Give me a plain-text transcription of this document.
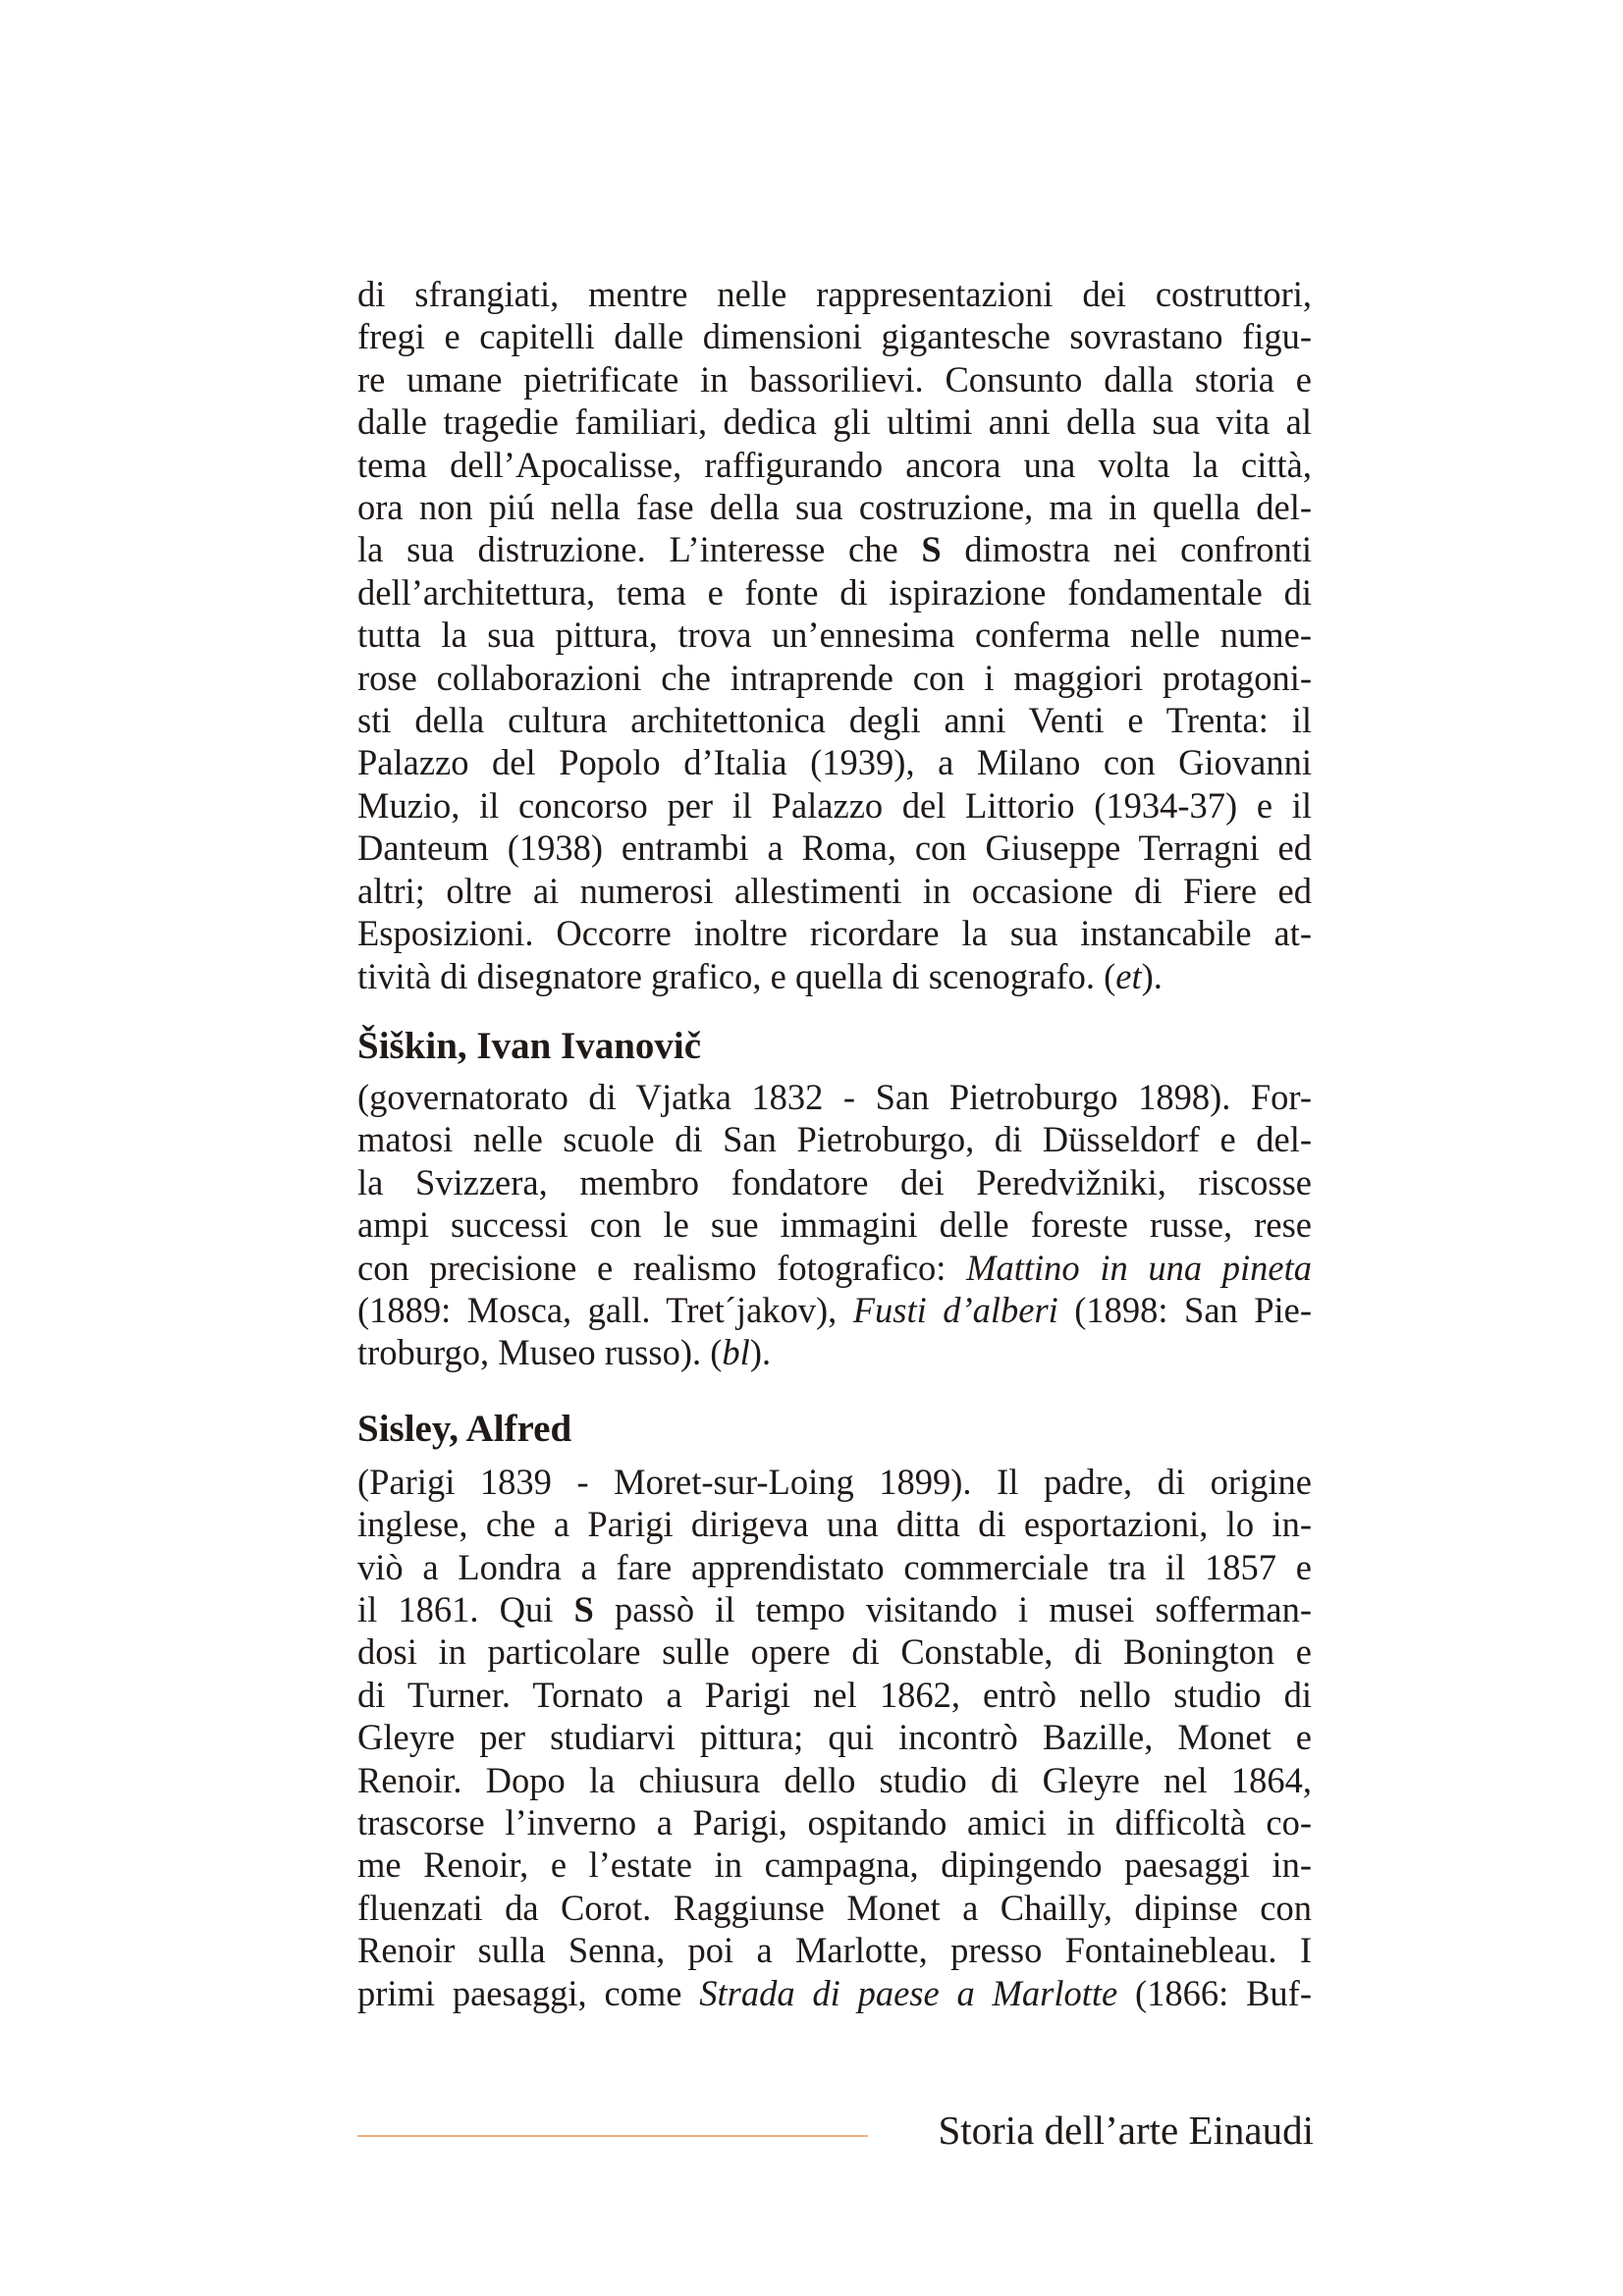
di sfrangiati, mentre nelle rappresentazioni dei costruttori,
fregi e capitelli dalle dimensioni gigantesche sovrastano figu-
re umane pietrificate in bassorilievi. Consunto dalla storia e
dalle tragedie familiari, dedica gli ultimi anni della sua vita al
tema dell’Apocalisse, raffigurando ancora una volta la città,
ora non piú nella fase della sua costruzione, ma in quella del-
la sua distruzione. L’interesse che S dimostra nei confronti
dell’architettura, tema e fonte di ispirazione fondamentale di
tutta la sua pittura, trova un’ennesima conferma nelle nume-
rose collaborazioni che intraprende con i maggiori protagoni-
sti della cultura architettonica degli anni Venti e Trenta: il
Palazzo del Popolo d’Italia (1939), a Milano con Giovanni
Muzio, il concorso per il Palazzo del Littorio (1934-37) e il
Danteum (1938) entrambi a Roma, con Giuseppe Terragni ed
altri; oltre ai numerosi allestimenti in occasione di Fiere ed
Esposizioni. Occorre inoltre ricordare la sua instancabile at-
tività di disegnatore grafico, e quella di scenografo. (et).

Šiškin, Ivan Ivanovič

(governatorato di Vjatka 1832 - San Pietroburgo 1898). For-
matosi nelle scuole di San Pietroburgo, di Düsseldorf e del-
la Svizzera, membro fondatore dei Peredvižniki, riscosse
ampi successi con le sue immagini delle foreste russe, rese
con precisione e realismo fotografico: Mattino in una pineta
(1889: Mosca, gall. Tret´jakov), Fusti d’alberi (1898: San Pie-
troburgo, Museo russo). (bl).

Sisley, Alfred

(Parigi 1839 - Moret-sur-Loing 1899). Il padre, di origine
inglese, che a Parigi dirigeva una ditta di esportazioni, lo in-
viò a Londra a fare apprendistato commerciale tra il 1857 e
il 1861. Qui S passò il tempo visitando i musei sofferman-
dosi in particolare sulle opere di Constable, di Bonington e
di Turner. Tornato a Parigi nel 1862, entrò nello studio di
Gleyre per studiarvi pittura; qui incontrò Bazille, Monet e
Renoir. Dopo la chiusura dello studio di Gleyre nel 1864,
trascorse l’inverno a Parigi, ospitando amici in difficoltà co-
me Renoir, e l’estate in campagna, dipingendo paesaggi in-
fluenzati da Corot. Raggiunse Monet a Chailly, dipinse con
Renoir sulla Senna, poi a Marlotte, presso Fontainebleau. I
primi paesaggi, come Strada di paese a Marlotte (1866: Buf-

Storia dell’arte Einaudi
